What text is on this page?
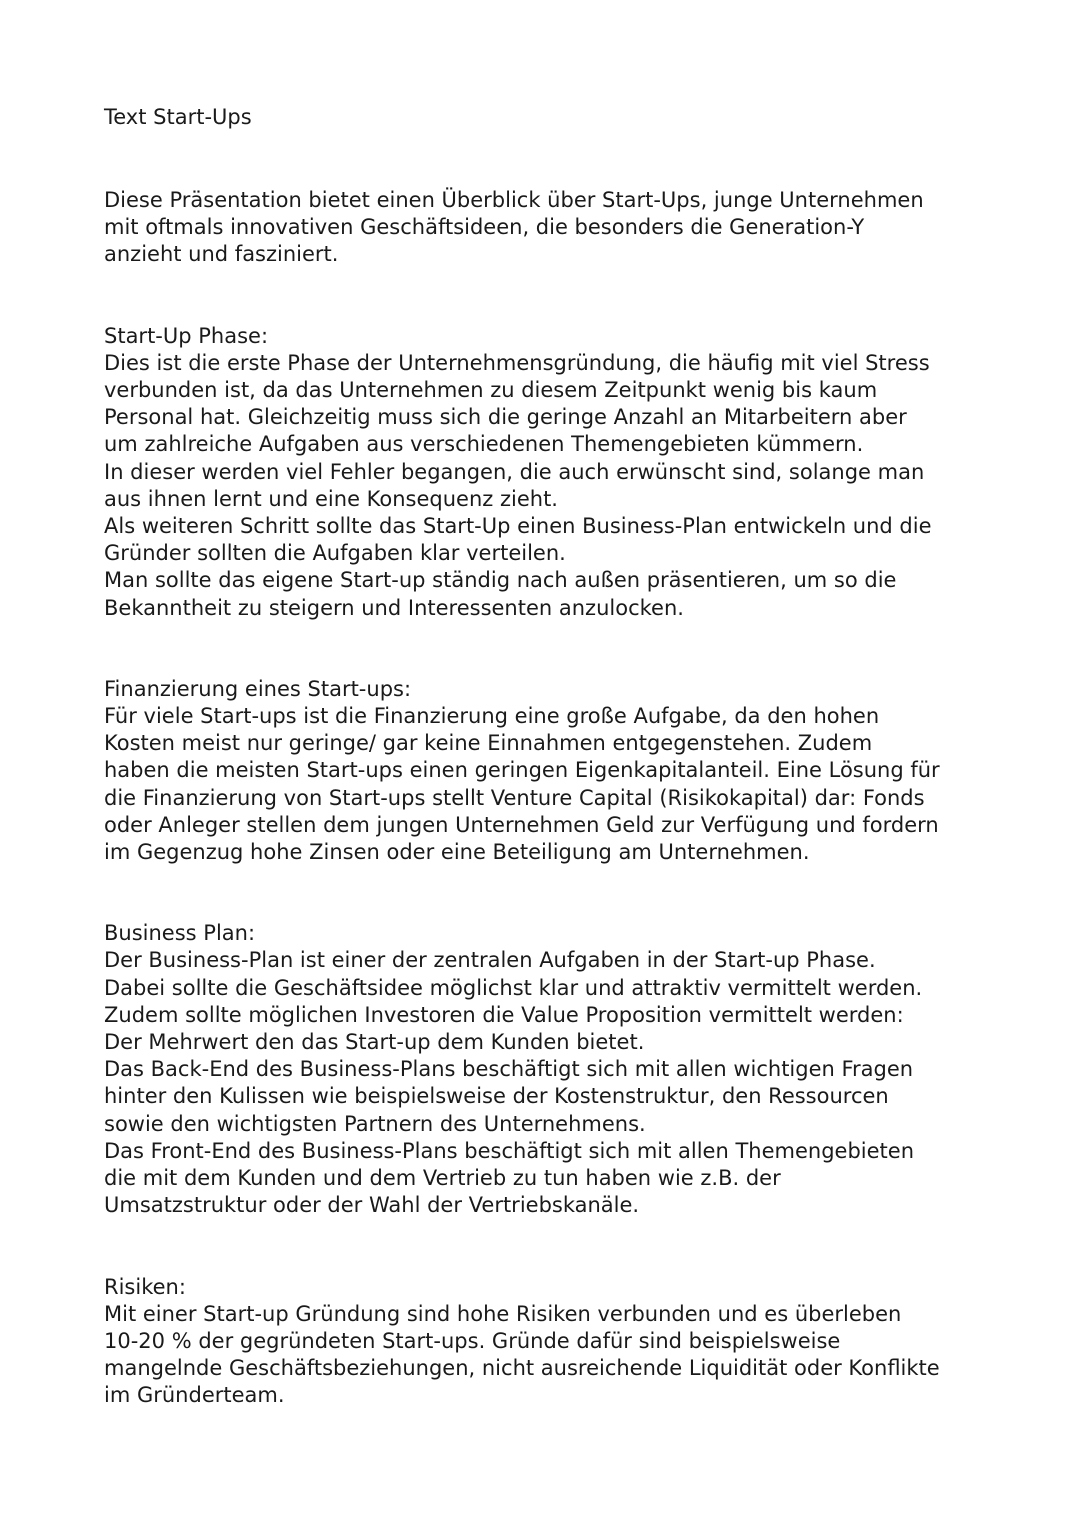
Text Start-Ups

Diese Präsentation bietet einen Überblick über Start-Ups, junge Unternehmen
mit oftmals innovativen Geschäftsideen, die besonders die Generation-Y
anzieht und fasziniert.

Start-Up Phase:

Dies ist die erste Phase der Unternehmensgründung, die häufig mit viel Stress
verbunden ist, da das Unternehmen zu diesem Zeitpunkt wenig bis kaum
Personal hat. Gleichzeitig muss sich die geringe Anzahl an Mitarbeitern aber
um zahlreiche Aufgaben aus verschiedenen Themengebieten kümmern.
In dieser werden viel Fehler begangen, die auch erwünscht sind, solange man
aus ihnen lernt und eine Konsequenz zieht.
Als weiteren Schritt sollte das Start-Up einen Business-Plan entwickeln und die
Gründer sollten die Aufgaben klar verteilen.
Man sollte das eigene Start-up ständig nach außen präsentieren, um so die
Bekanntheit zu steigern und Interessenten anzulocken.

Finanzierung eines Start-ups:

Für viele Start-ups ist die Finanzierung eine große Aufgabe, da den hohen
Kosten meist nur geringe/ gar keine Einnahmen entgegenstehen. Zudem
haben die meisten Start-ups einen geringen Eigenkapitalanteil. Eine Lösung für
die Finanzierung von Start-ups stellt Venture Capital (Risikokapital) dar: Fonds
oder Anleger stellen dem jungen Unternehmen Geld zur Verfügung und fordern
im Gegenzug hohe Zinsen oder eine Beteiligung am Unternehmen.

Business Plan:

Der Business-Plan ist einer der zentralen Aufgaben in der Start-up Phase.
Dabei sollte die Geschäftsidee möglichst klar und attraktiv vermittelt werden.
Zudem sollte möglichen Investoren die Value Proposition vermittelt werden:
Der Mehrwert den das Start-up dem Kunden bietet.
Das Back-End des Business-Plans beschäftigt sich mit allen wichtigen Fragen
hinter den Kulissen wie beispielsweise der Kostenstruktur, den Ressourcen
sowie den wichtigsten Partnern des Unternehmens.
Das Front-End des Business-Plans beschäftigt sich mit allen Themengebieten
die mit dem Kunden und dem Vertrieb zu tun haben wie z.B. der
Umsatzstruktur oder der Wahl der Vertriebskanäle.

Risiken:

Mit einer Start-up Gründung sind hohe Risiken verbunden und es überleben
10-20 % der gegründeten Start-ups. Gründe dafür sind beispielsweise
mangelnde Geschäftsbeziehungen, nicht ausreichende Liquidität oder Konflikte
im Gründerteam.
